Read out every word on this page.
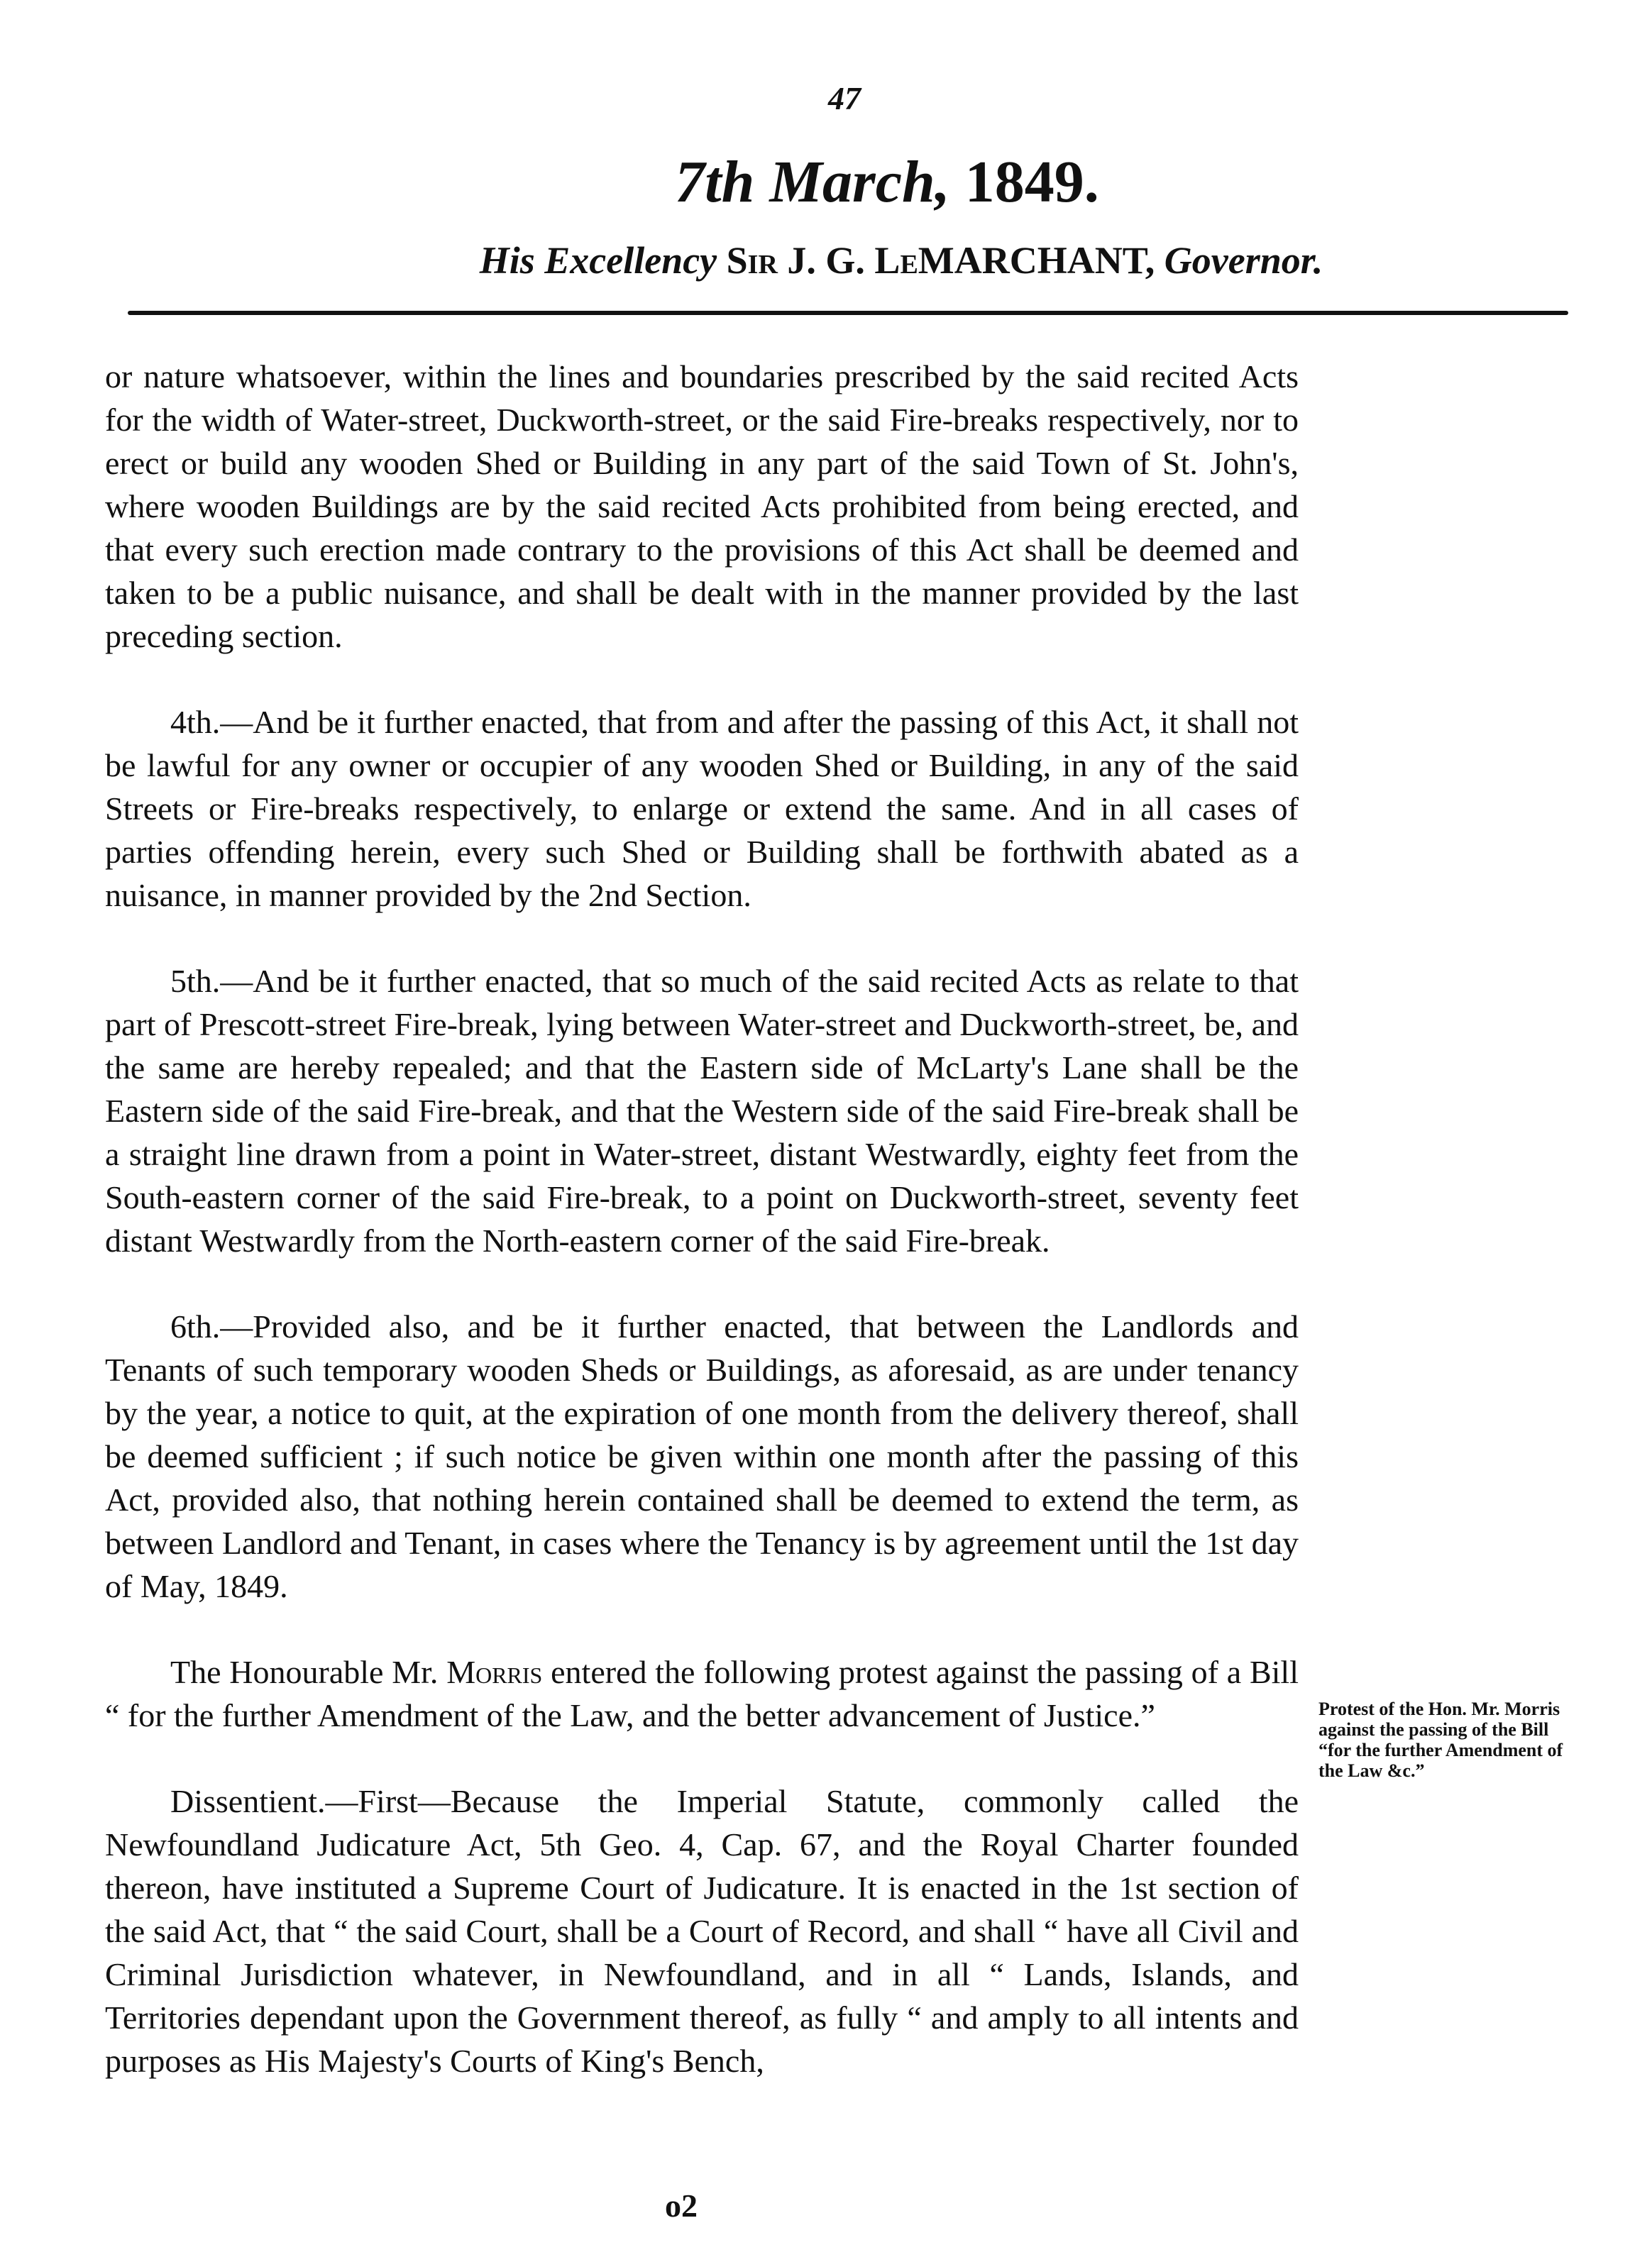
47
7th March, 1849.
His Excellency Sir J. G. LeMARCHANT, Governor.

or nature whatsoever, within the lines and boundaries prescribed by the said recited Acts for the width of Water-street, Duckworth-street, or the said Fire-breaks respectively, nor to erect or build any wooden Shed or Building in any part of the said Town of St. John's, where wooden Buildings are by the said recited Acts prohibited from being erected, and that every such erection made contrary to the provisions of this Act shall be deemed and taken to be a public nuisance, and shall be dealt with in the manner provided by the last preceding section.

4th.—And be it further enacted, that from and after the passing of this Act, it shall not be lawful for any owner or occupier of any wooden Shed or Building, in any of the said Streets or Fire-breaks respectively, to enlarge or extend the same. And in all cases of parties offending herein, every such Shed or Building shall be forthwith abated as a nuisance, in manner provided by the 2nd Section.

5th.—And be it further enacted, that so much of the said recited Acts as relate to that part of Prescott-street Fire-break, lying between Water-street and Duckworth-street, be, and the same are hereby repealed; and that the Eastern side of McLarty's Lane shall be the Eastern side of the said Fire-break, and that the Western side of the said Fire-break shall be a straight line drawn from a point in Water-street, distant Westwardly, eighty feet from the South-eastern corner of the said Fire-break, to a point on Duckworth-street, seventy feet distant Westwardly from the North-eastern corner of the said Fire-break.

6th.—Provided also, and be it further enacted, that between the Landlords and Tenants of such temporary wooden Sheds or Buildings, as aforesaid, as are under tenancy by the year, a notice to quit, at the expiration of one month from the delivery thereof, shall be deemed sufficient ; if such notice be given within one month after the passing of this Act, provided also, that nothing herein contained shall be deemed to extend the term, as between Landlord and Tenant, in cases where the Tenancy is by agreement until the 1st day of May, 1849.

The Honourable Mr. Morris entered the following protest against the passing of a Bill “ for the further Amendment of the Law, and the better advancement of Justice.”

Dissentient.—First—Because the Imperial Statute, commonly called the Newfoundland Judicature Act, 5th Geo. 4, Cap. 67, and the Royal Charter founded thereon, have instituted a Supreme Court of Judicature. It is enacted in the 1st section of the said Act, that “ the said Court, shall be a Court of Record, and shall “ have all Civil and Criminal Jurisdiction whatever, in Newfoundland, and in all “ Lands, Islands, and Territories dependant upon the Government thereof, as fully “ and amply to all intents and purposes as His Majesty's Courts of King's Bench,

Protest of the Hon. Mr. Morris against the passing of the Bill “for the further Amendment of the Law &c.”
o2
